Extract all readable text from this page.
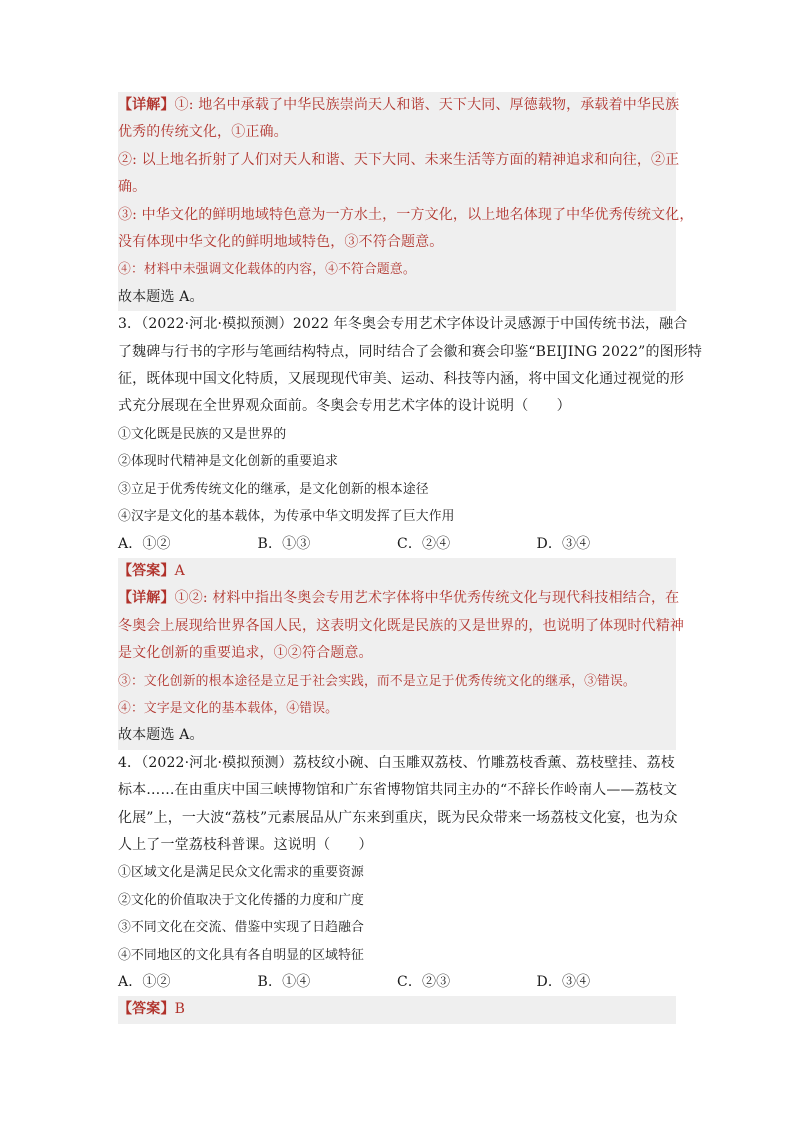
【详解】①: 地名中承载了中华民族崇尚天人和谐、天下大同、厚德载物，承载着中华民族
优秀的传统文化，①正确。
②: 以上地名折射了人们对天人和谐、天下大同、未来生活等方面的精神追求和向往，②正
确。
③: 中华文化的鲜明地域特色意为一方水土，一方文化，以上地名体现了中华优秀传统文化，
没有体现中华文化的鲜明地域特色，③不符合题意。
④：材料中未强调文化载体的内容，④不符合题意。
故本题选 A。
3．（2022·河北·模拟预测）2022 年冬奥会专用艺术字体设计灵感源于中国传统书法，融合
了魏碑与行书的字形与笔画结构特点，同时结合了会徽和赛会印鉴“BEIJING 2022”的图形特
征，既体现中国文化特质，又展现现代审美、运动、科技等内涵，将中国文化通过视觉的形
式充分展现在全世界观众面前。冬奥会专用艺术字体的设计说明（　　）
①文化既是民族的又是世界的
②体现时代精神是文化创新的重要追求
③立足于优秀传统文化的继承，是文化创新的根本途径
④汉字是文化的基本载体，为传承中华文明发挥了巨大作用
A．①②	B．①③	C．②④	D．③④
【答案】A
【详解】①②: 材料中指出冬奥会专用艺术字体将中华优秀传统文化与现代科技相结合，在
冬奥会上展现给世界各国人民，这表明文化既是民族的又是世界的，也说明了体现时代精神
是文化创新的重要追求，①②符合题意。
③：文化创新的根本途径是立足于社会实践，而不是立足于优秀传统文化的继承，③错误。
④：文字是文化的基本载体，④错误。
故本题选 A。
4．（2022·河北·模拟预测）荔枝纹小碗、白玉雕双荔枝、竹雕荔枝香薰、荔枝壁挂、荔枝
标本……在由重庆中国三峡博物馆和广东省博物馆共同主办的“不辞长作岭南人——荔枝文
化展”上，一大波“荔枝”元素展品从广东来到重庆，既为民众带来一场荔枝文化宴，也为众
人上了一堂荔枝科普课。这说明（　　）
①区域文化是满足民众文化需求的重要资源
②文化的价值取决于文化传播的力度和广度
③不同文化在交流、借鉴中实现了日趋融合
④不同地区的文化具有各自明显的区域特征
A．①②	B．①④	C．②③	D．③④
【答案】B
